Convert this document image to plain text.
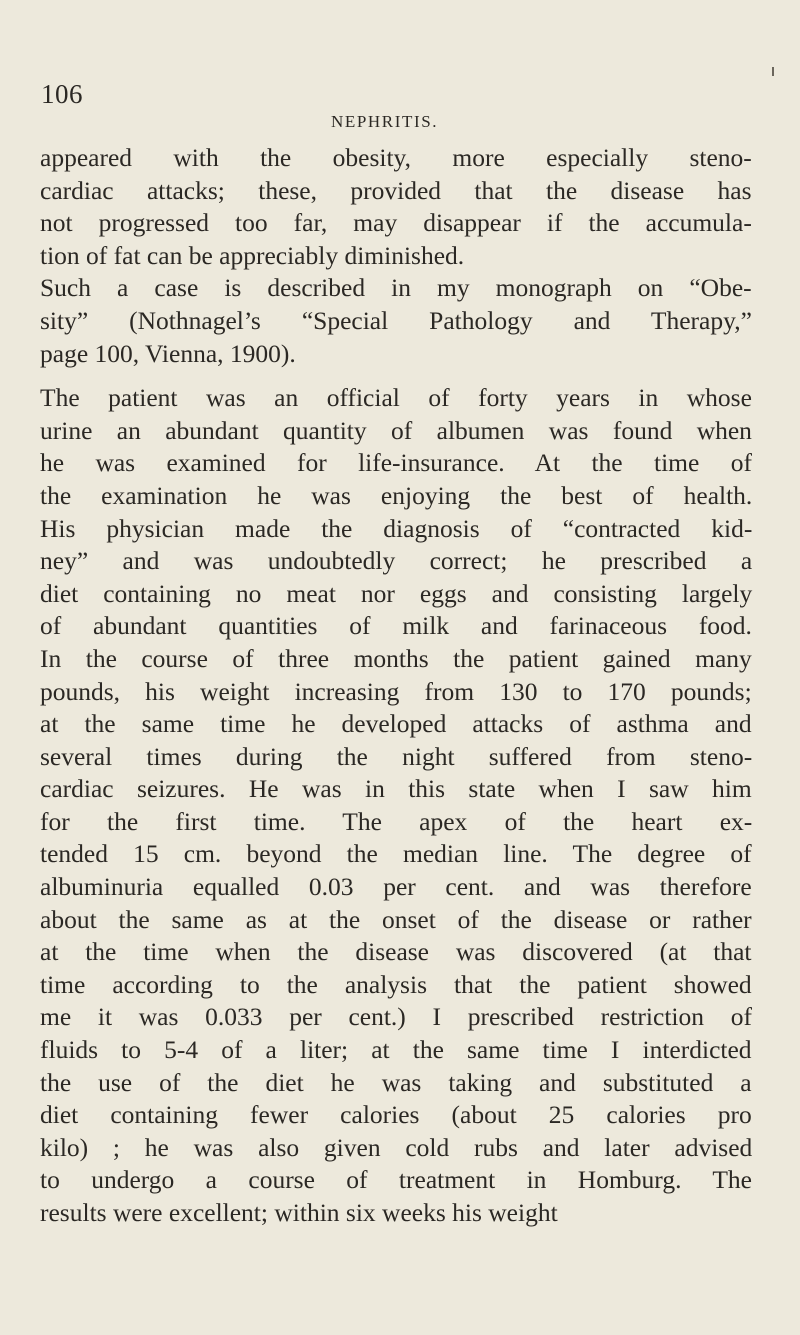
106
NEPHRITIS.
appeared with the obesity, more especially steno-
cardiac attacks; these, provided that the disease has
not progressed too far, may disappear if the accumula-
tion of fat can be appreciably diminished.
Such a case is described in my monograph on “Obe-
sity” (Nothnagel’s “Special Pathology and Therapy,”
page 100, Vienna, 1900).
The patient was an official of forty years in whose
urine an abundant quantity of albumen was found when
he was examined for life-insurance. At the time of
the examination he was enjoying the best of health.
His physician made the diagnosis of “contracted kid-
ney” and was undoubtedly correct; he prescribed a
diet containing no meat nor eggs and consisting largely
of abundant quantities of milk and farinaceous food.
In the course of three months the patient gained many
pounds, his weight increasing from 130 to 170 pounds;
at the same time he developed attacks of asthma and
several times during the night suffered from steno-
cardiac seizures. He was in this state when I saw him
for the first time. The apex of the heart ex-
tended 15 cm. beyond the median line. The degree of
albuminuria equalled 0.03 per cent. and was therefore
about the same as at the onset of the disease or rather
at the time when the disease was discovered (at that
time according to the analysis that the patient showed
me it was 0.033 per cent.) I prescribed restriction of
fluids to 5-4 of a liter; at the same time I interdicted
the use of the diet he was taking and substituted a
diet containing fewer calories (about 25 calories pro
kilo) ; he was also given cold rubs and later advised
to undergo a course of treatment in Homburg. The
results were excellent; within six weeks his weight
